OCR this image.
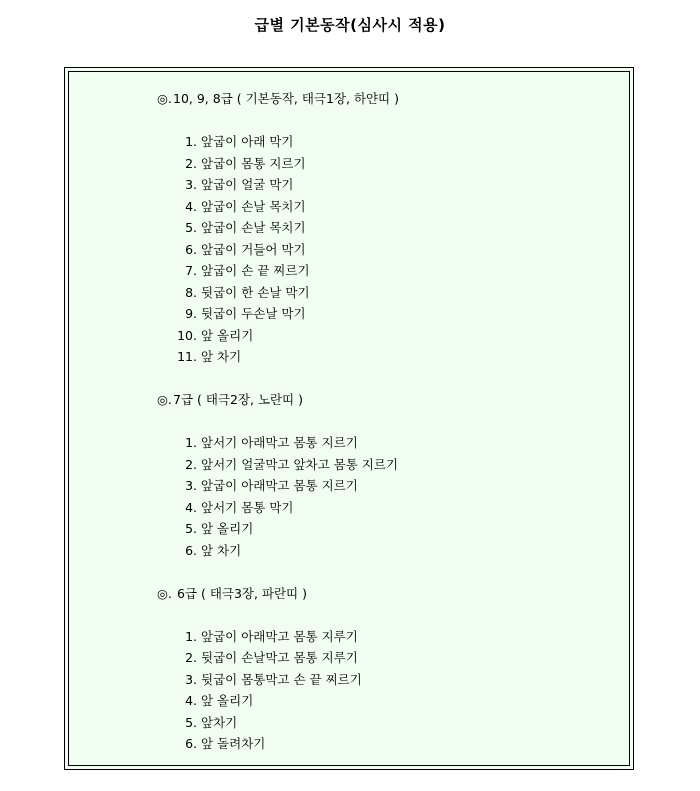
급별 기본동작(심사시 적용)
◎.10, 9, 8급 ( 기본동작, 태극1장, 하얀띠 )
1. 앞굽이 아래 막기
2. 앞굽이 몸통 지르기
3. 앞굽이 얼굴 막기
4. 앞굽이 손날 목치기
5. 앞굽이 손날 목치기
6. 앞굽이 거들어 막기
7. 앞굽이 손 끝 찌르기
8. 뒷굽이 한 손날 막기
9. 뒷굽이 두손날 막기
10. 앞 올리기
11. 앞 차기
◎.7급 ( 태극2장, 노란띠 )
1. 앞서기 아래막고 몸통 지르기
2. 앞서기 얼굴막고 앞차고 몸통 지르기
3. 앞굽이 아래막고 몸통 지르기
4. 앞서기 몸통 막기
5. 앞 올리기
6. 앞 차기
◎. 6급 ( 태극3장, 파란띠 )
1. 앞굽이 아래막고 몸통 지루기
2. 뒷굽이 손날막고 몸통 지루기
3. 뒷굽이 몸통막고 손 끝 찌르기
4. 앞 올리기
5. 앞차기
6. 앞 돌려차기
